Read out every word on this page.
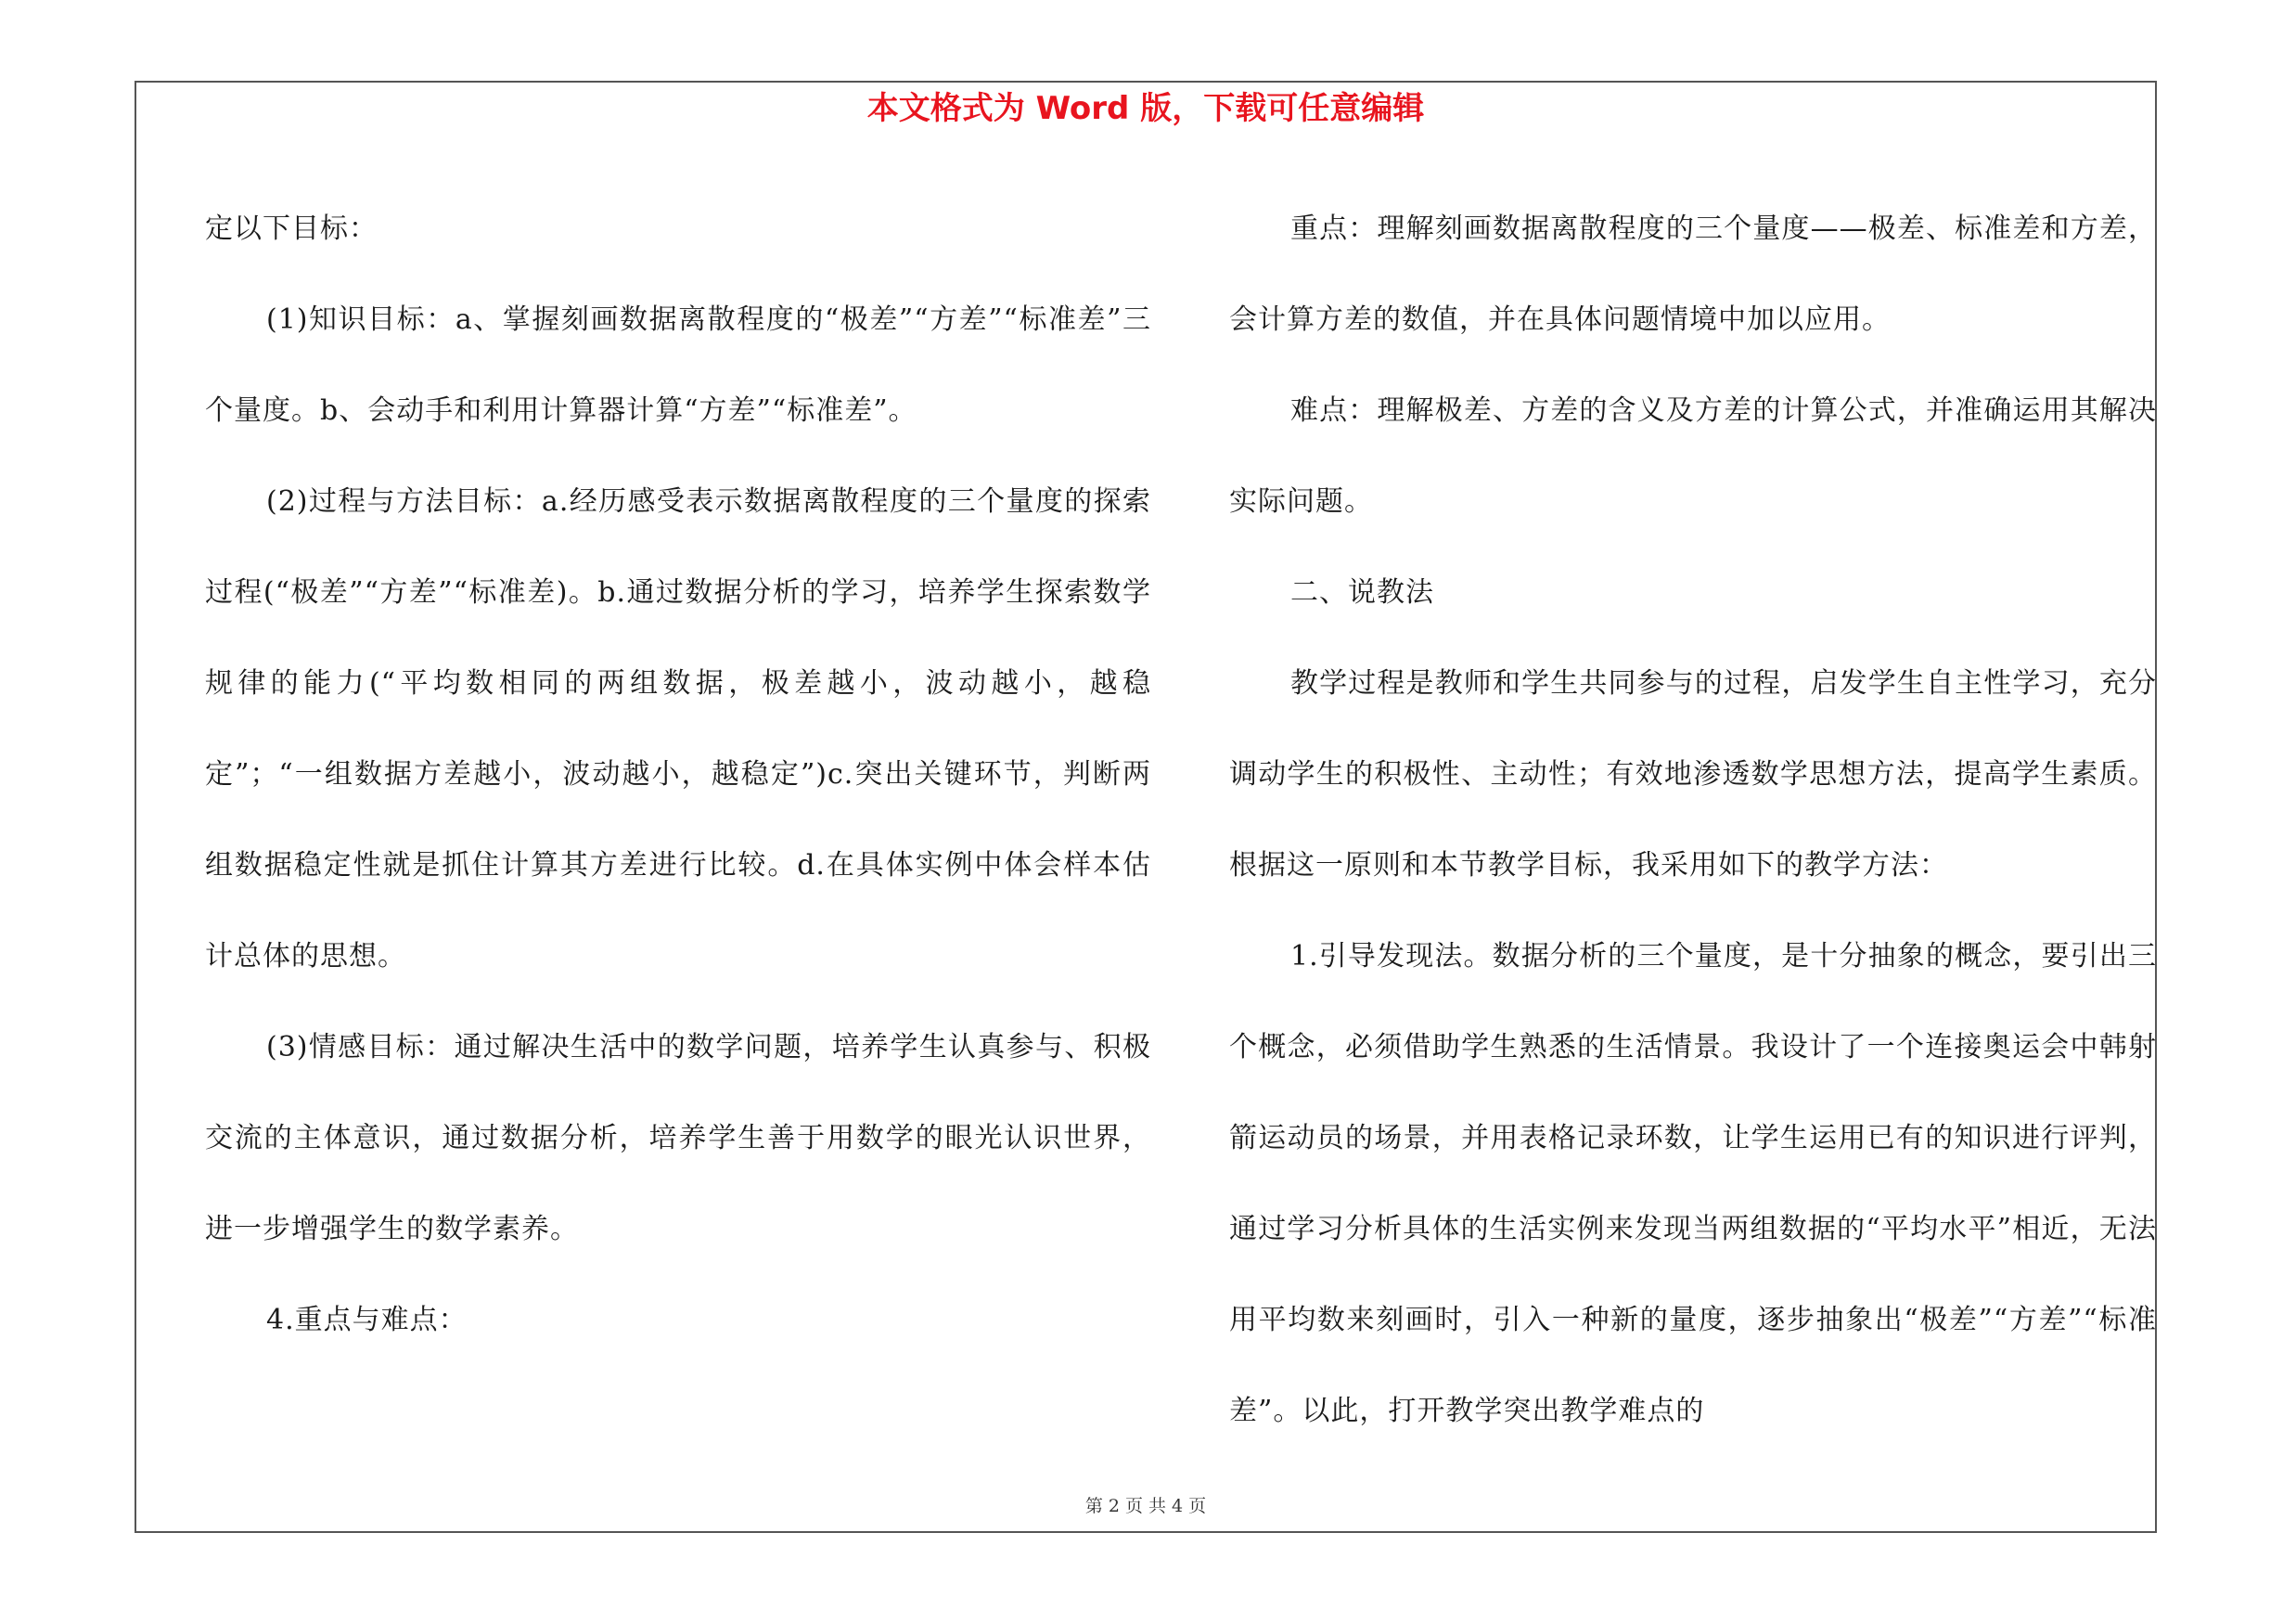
本文格式为 Word 版，下载可任意编辑

定以下目标：

(1)知识目标：a、掌握刻画数据离散程度的“极差”“方差”“标准差”三个量度。b、会动手和利用计算器计算“方差”“标准差”。

(2)过程与方法目标：a.经历感受表示数据离散程度的三个量度的探索过程(“极差”“方差”“标准差)。b.通过数据分析的学习，培养学生探索数学规律的能力(“平均数相同的两组数据，极差越小，波动越小，越稳定”；“一组数据方差越小，波动越小，越稳定”)c.突出关键环节，判断两组数据稳定性就是抓住计算其方差进行比较。d.在具体实例中体会样本估计总体的思想。

(3)情感目标：通过解决生活中的数学问题，培养学生认真参与、积极交流的主体意识，通过数据分析，培养学生善于用数学的眼光认识世界，进一步增强学生的数学素养。

4.重点与难点：

重点：理解刻画数据离散程度的三个量度——极差、标准差和方差，会计算方差的数值，并在具体问题情境中加以应用。

难点：理解极差、方差的含义及方差的计算公式，并准确运用其解决实际问题。

二、说教法

教学过程是教师和学生共同参与的过程，启发学生自主性学习，充分调动学生的积极性、主动性；有效地渗透数学思想方法，提高学生素质。根据这一原则和本节教学目标，我采用如下的教学方法：

1.引导发现法。数据分析的三个量度，是十分抽象的概念，要引出三个概念，必须借助学生熟悉的生活情景。我设计了一个连接奥运会中韩射箭运动员的场景，并用表格记录环数，让学生运用已有的知识进行评判，通过学习分析具体的生活实例来发现当两组数据的“平均水平”相近，无法用平均数来刻画时，引入一种新的量度，逐步抽象出“极差”“方差”“标准差”。以此，打开教学突出教学难点的

第 2 页 共 4 页
